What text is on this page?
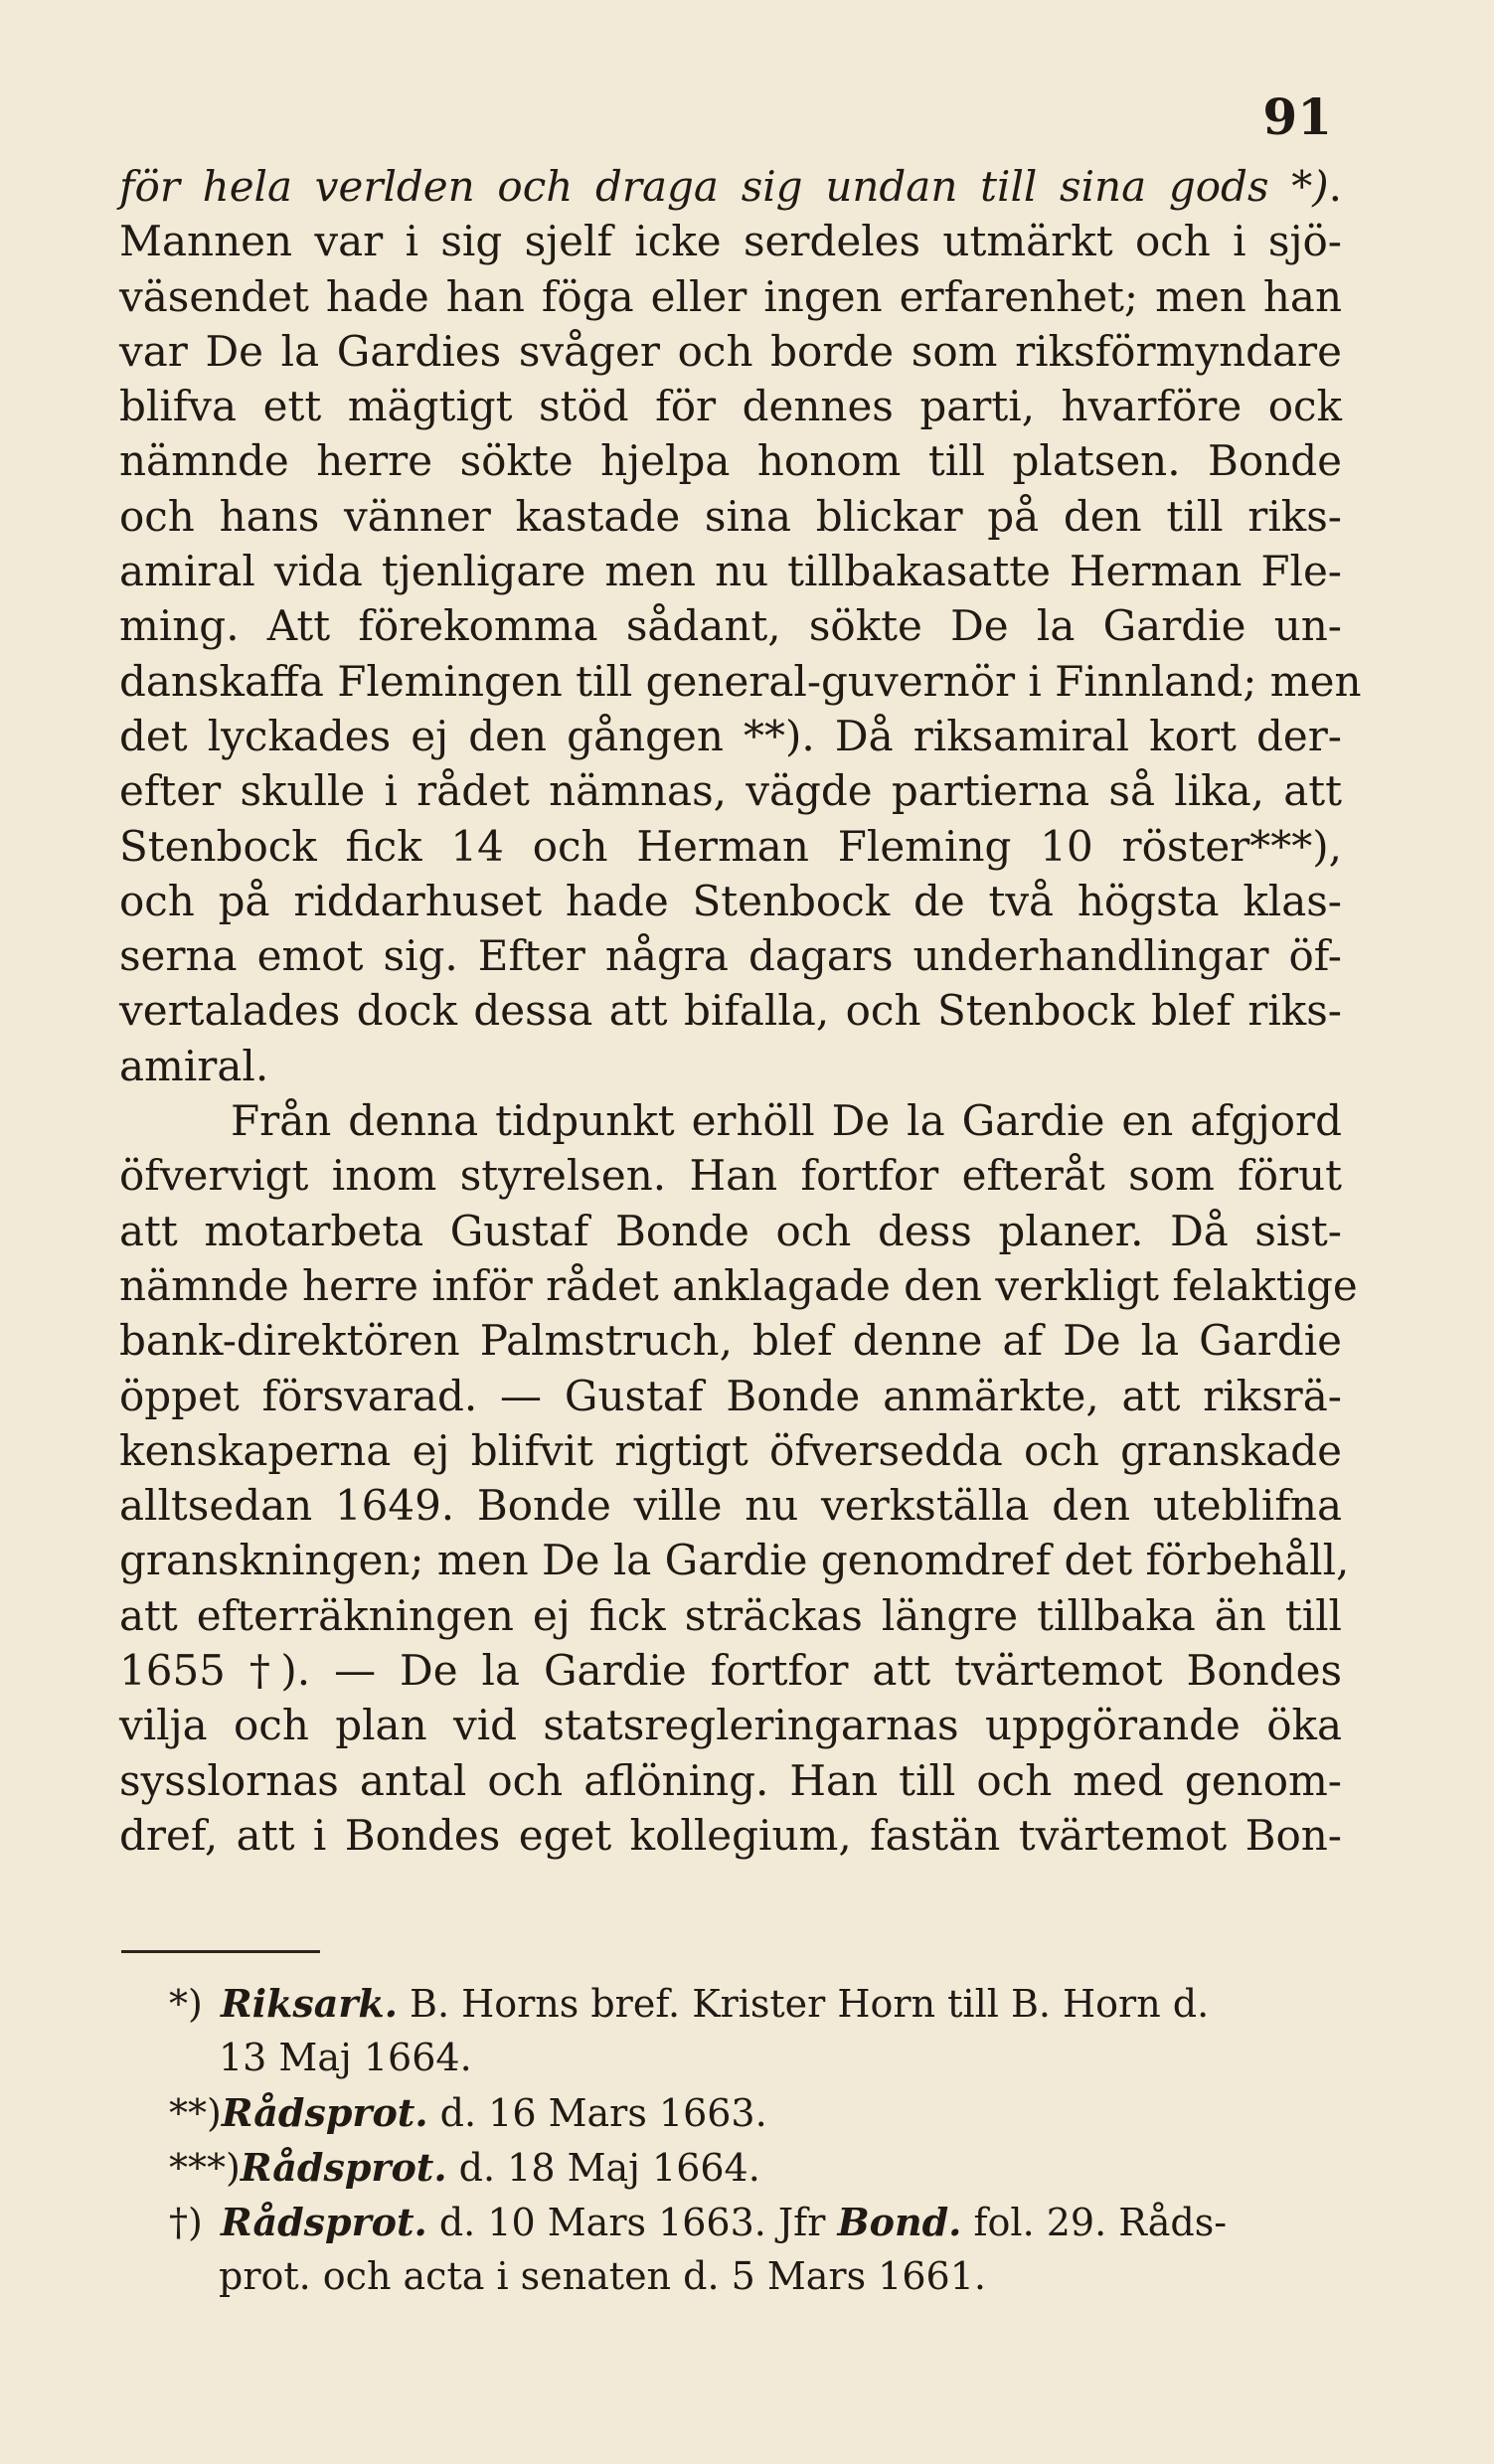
91
för hela verlden och draga sig undan till sina gods *).
Mannen var i sig sjelf icke serdeles utmärkt och i sjö-
väsendet hade han föga eller ingen erfarenhet; men han
var De la Gardies svåger och borde som riksförmyndare
blifva ett mägtigt stöd för dennes parti, hvarföre ock
nämnde herre sökte hjelpa honom till platsen. Bonde
och hans vänner kastade sina blickar på den till riks-
amiral vida tjenligare men nu tillbakasatte Herman Fle-
ming. Att förekomma sådant, sökte De la Gardie un-
danskaffa Flemingen till general-guvernör i Finnland; men
det lyckades ej den gången **). Då riksamiral kort der-
efter skulle i rådet nämnas, vägde partierna så lika, att
Stenbock fick 14 och Herman Fleming 10 röster***),
och på riddarhuset hade Stenbock de två högsta klas-
serna emot sig. Efter några dagars underhandlingar öf-
vertalades dock dessa att bifalla, och Stenbock blef riks-
amiral.
Från denna tidpunkt erhöll De la Gardie en afgjord
öfvervigt inom styrelsen. Han fortfor efteråt som förut
att motarbeta Gustaf Bonde och dess planer. Då sist-
nämnde herre inför rådet anklagade den verkligt felaktige
bank-direktören Palmstruch, blef denne af De la Gardie
öppet försvarad. — Gustaf Bonde anmärkte, att riksrä-
kenskaperna ej blifvit rigtigt öfversedda och granskade
alltsedan 1649. Bonde ville nu verkställa den uteblifna
granskningen; men De la Gardie genomdref det förbehåll,
att efterräkningen ej fick sträckas längre tillbaka än till
1655 †). — De la Gardie fortfor att tvärtemot Bondes
vilja och plan vid statsregleringarnas uppgörande öka
sysslornas antal och aflöning. Han till och med genom-
dref, att i Bondes eget kollegium, fastän tvärtemot Bon-
*) Riksark. B. Horns bref. Krister Horn till B. Horn d.
13 Maj 1664.
**)Rådsprot. d. 16 Mars 1663.
***)Rådsprot. d. 18 Maj 1664.
†) Rådsprot. d. 10 Mars 1663. Jfr Bond. fol. 29. Råds-
prot. och acta i senaten d. 5 Mars 1661.
